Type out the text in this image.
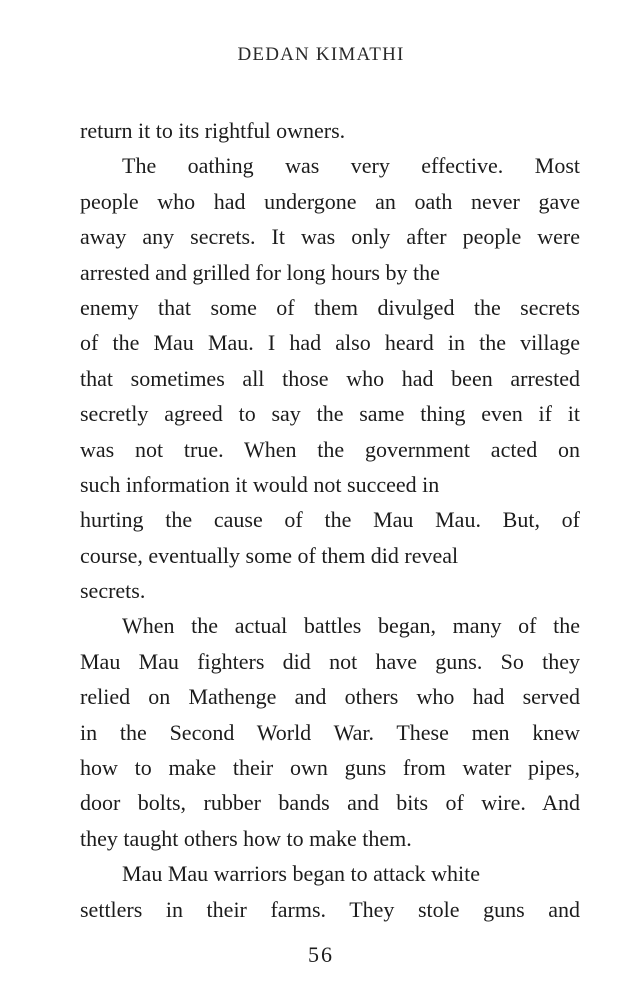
DEDAN KIMATHI
return it to its rightful owners.
The oathing was very effective. Most
people who had undergone an oath never gave
away any secrets. It was only after people were
arrested and grilled for long hours by the
enemy that some of them divulged the secrets
of the Mau Mau. I had also heard in the village
that sometimes all those who had been arrested
secretly agreed to say the same thing even if it
was not true. When the government acted on
such information it would not succeed in
hurting the cause of the Mau Mau. But, of
course, eventually some of them did reveal
secrets.
When the actual battles began, many of the
Mau Mau fighters did not have guns. So they
relied on Mathenge and others who had served
in the Second World War. These men knew
how to make their own guns from water pipes,
door bolts, rubber bands and bits of wire. And
they taught others how to make them.
Mau Mau warriors began to attack white
settlers in their farms. They stole guns and
56
